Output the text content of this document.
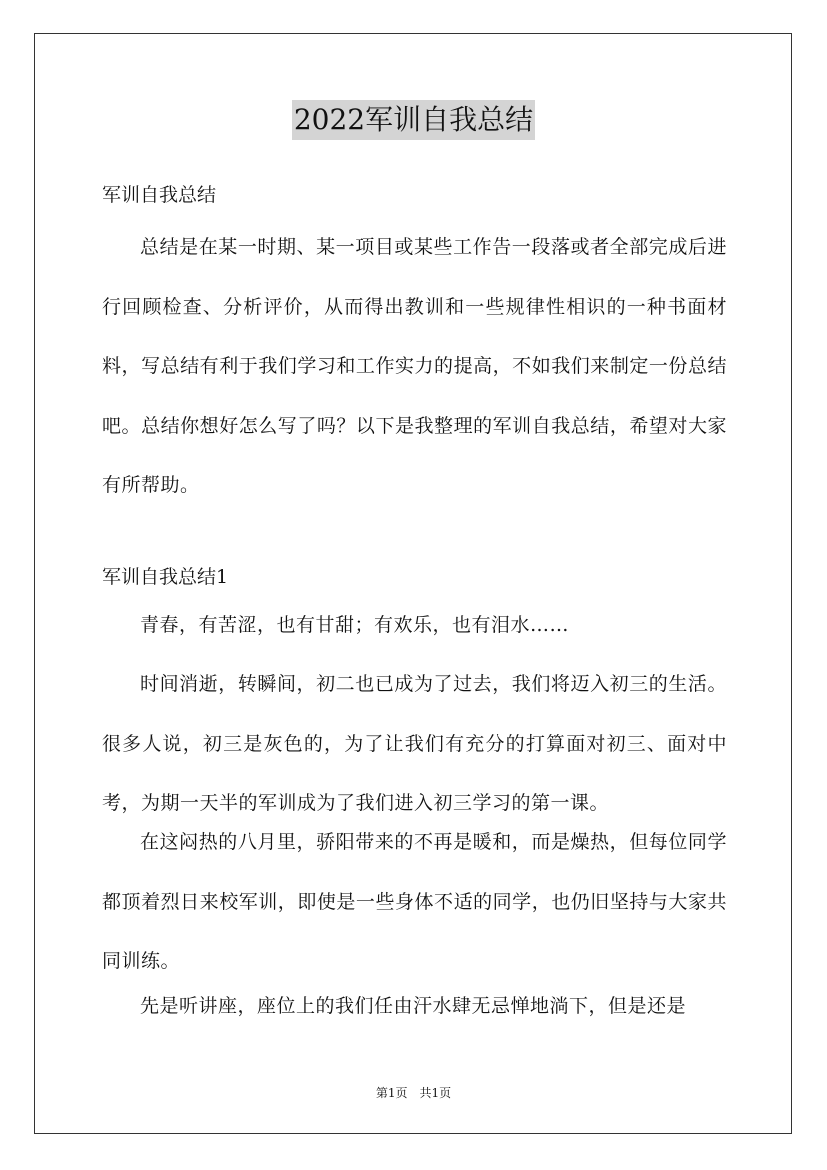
2022军训自我总结
军训自我总结

总结是在某一时期、某一项目或某些工作告一段落或者全部完成后进行回顾检查、分析评价，从而得出教训和一些规律性相识的一种书面材料，写总结有利于我们学习和工作实力的提高，不如我们来制定一份总结吧。总结你想好怎么写了吗？以下是我整理的军训自我总结，希望对大家有所帮助。

军训自我总结1

青春，有苦涩，也有甘甜；有欢乐，也有泪水……

时间消逝，转瞬间，初二也已成为了过去，我们将迈入初三的生活。很多人说，初三是灰色的，为了让我们有充分的打算面对初三、面对中考，为期一天半的军训成为了我们进入初三学习的第一课。

在这闷热的八月里，骄阳带来的不再是暖和，而是燥热，但每位同学都顶着烈日来校军训，即使是一些身体不适的同学，也仍旧坚持与大家共同训练。

先是听讲座，座位上的我们任由汗水肆无忌惮地淌下，但是还是

第1页　共1页
